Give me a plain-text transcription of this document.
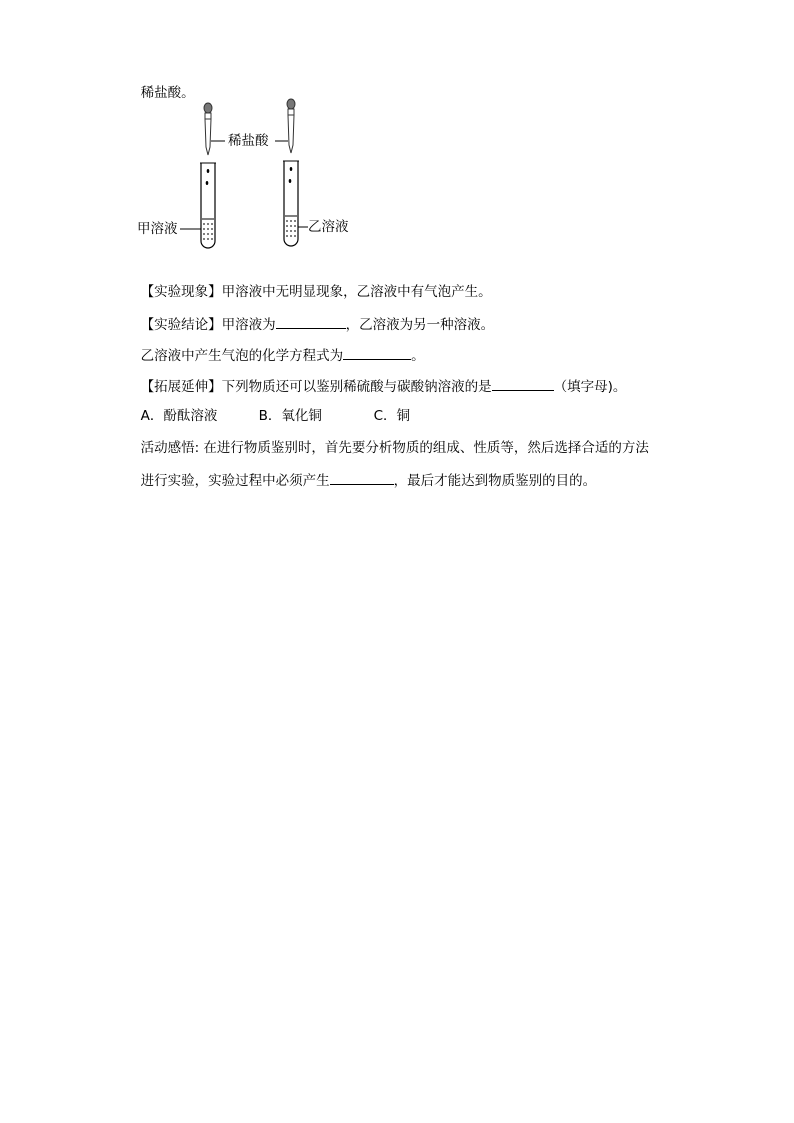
稀盐酸。

稀盐酸
甲溶液	乙溶液

【实验现象】甲溶液中无明显现象，乙溶液中有气泡产生。

【实验结论】甲溶液为	，乙溶液为另一种溶液。

乙溶液中产生气泡的化学方程式为	。

【拓展延伸】下列物质还可以鉴别稀硫酸与碳酸钠溶液的是	（填字母)。

A．酚酞溶液	B．氧化铜	C．铜

活动感悟: 在进行物质鉴别时，首先要分析物质的组成、性质等，然后选择合适的方法

进行实验，实验过程中必须产生	，最后才能达到物质鉴别的目的。
